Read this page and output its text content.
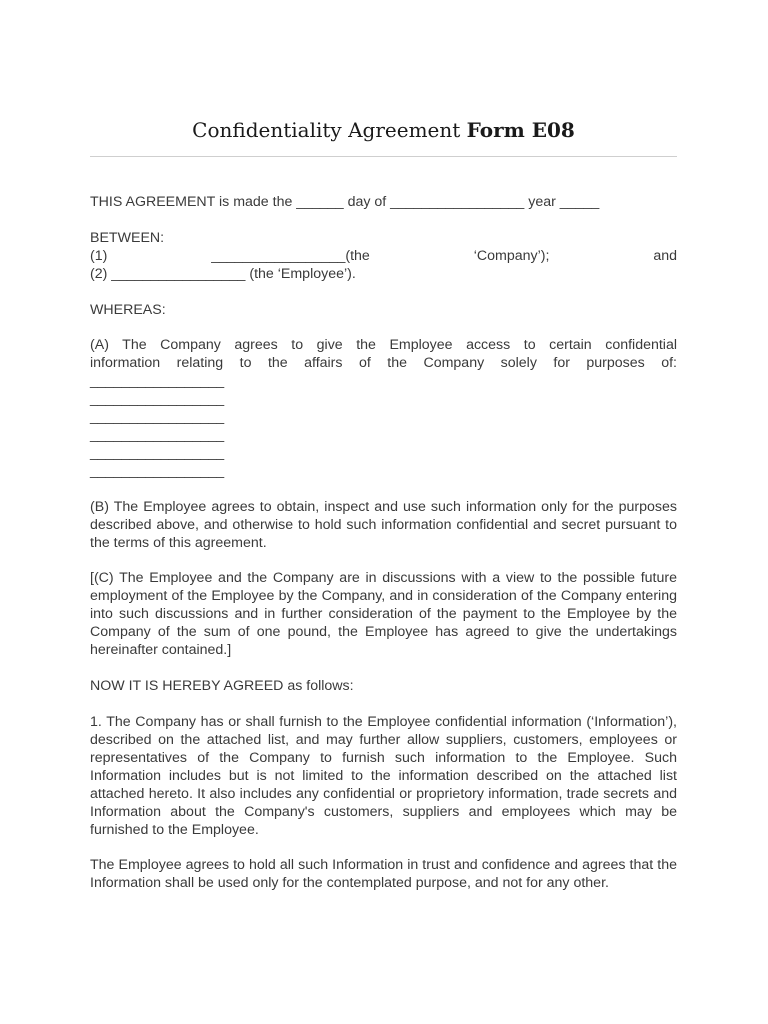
Confidentiality Agreement Form E08

THIS AGREEMENT is made the ______ day of _________________ year _____

BETWEEN:
(1)	_________________(the	‘Company’);	and
(2) _________________ (the ‘Employee’).

WHEREAS:

(A) The Company agrees to give the Employee access to certain confidential
information relating to the affairs of the Company solely for purposes of:
_________________
_________________
_________________
_________________
_________________
_________________

(B) The Employee agrees to obtain, inspect and use such information only for the purposes described above, and otherwise to hold such information confidential and secret pursuant to the terms of this agreement.

[(C) The Employee and the Company are in discussions with a view to the possible future employment of the Employee by the Company, and in consideration of the Company entering into such discussions and in further consideration of the payment to the Employee by the Company of the sum of one pound, the Employee has agreed to give the undertakings hereinafter contained.]

NOW IT IS HEREBY AGREED as follows:

1. The Company has or shall furnish to the Employee confidential information (‘Information’), described on the attached list, and may further allow suppliers, customers, employees or representatives of the Company to furnish such information to the Employee. Such Information includes but is not limited to the information described on the attached list attached hereto. It also includes any confidential or proprietory information, trade secrets and Information about the Company's customers, suppliers and employees which may be furnished to the Employee.

The Employee agrees to hold all such Information in trust and confidence and agrees that the Information shall be used only for the contemplated purpose, and not for any other.
